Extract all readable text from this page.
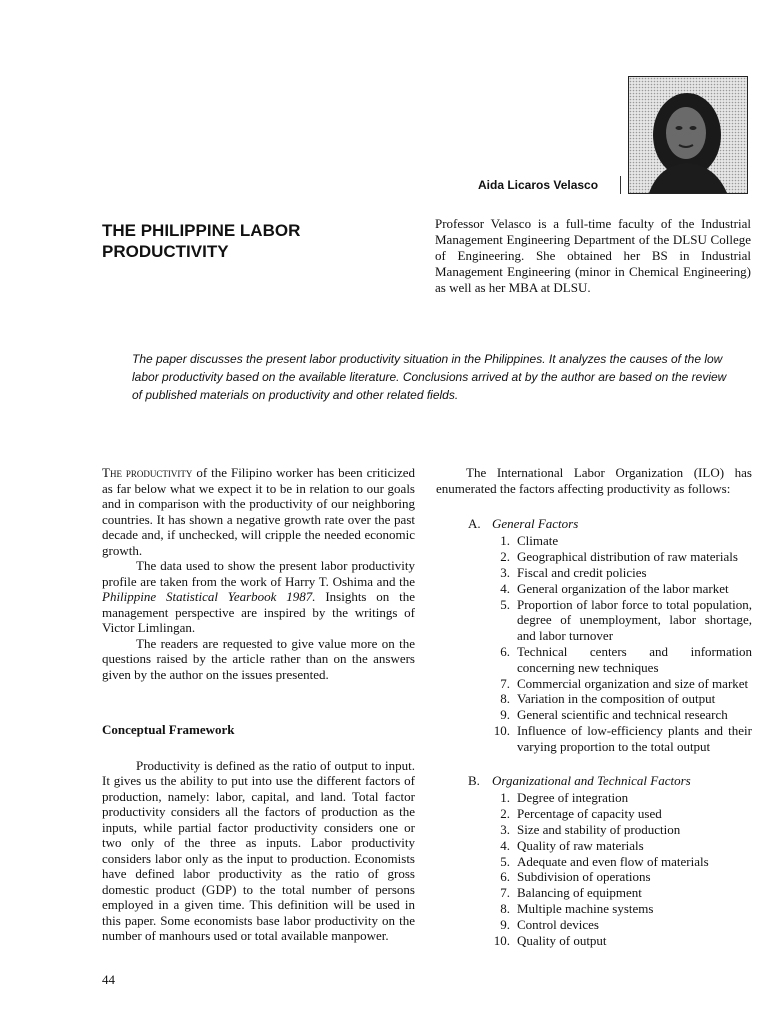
Aida Licaros Velasco
THE PHILIPPINE LABOR
PRODUCTIVITY

Professor Velasco is a full-time faculty of the Industrial Management Engineering Department of the DLSU College of Engineering. She obtained her BS in Industrial Management Engineering (minor in Chemical Engineering) as well as her MBA at DLSU.

The paper discusses the present labor productivity situation in the Philippines. It analyzes the causes of the low labor productivity based on the available literature. Conclusions arrived at by the author are based on the review of published materials on productivity and other related fields.

The productivity of the Filipino worker has been criticized as far below what we expect it to be in relation to our goals and in comparison with the productivity of our neighboring countries. It has shown a negative growth rate over the past decade and, if unchecked, will cripple the needed economic growth.

The data used to show the present labor productivity profile are taken from the work of Harry T. Oshima and the Philippine Statistical Yearbook 1987. Insights on the management perspective are inspired by the writings of Victor Limlingan.

The readers are requested to give value more on the questions raised by the article rather than on the answers given by the author on the issues presented.

Conceptual Framework

Productivity is defined as the ratio of output to input. It gives us the ability to put into use the different factors of production, namely: labor, capital, and land. Total factor productivity considers all the factors of production as the inputs, while partial factor productivity considers one or two only of the three as inputs. Labor productivity considers labor only as the input to production. Economists have defined labor productivity as the ratio of gross domestic product (GDP) to the total number of persons employed in a given time. This definition will be used in this paper. Some economists base labor productivity on the number of manhours used or total available manpower.

The International Labor Organization (ILO) has enumerated the factors affecting productivity as follows:

A. General Factors
1. Climate
2. Geographical distribution of raw materials
3. Fiscal and credit policies
4. General organization of the labor market
5. Proportion of labor force to total population, degree of unemployment, labor shortage, and labor turnover
6. Technical centers and information concerning new techniques
7. Commercial organization and size of market
8. Variation in the composition of output
9. General scientific and technical research
10. Influence of low-efficiency plants and their varying proportion to the total output
B. Organizational and Technical Factors
1. Degree of integration
2. Percentage of capacity used
3. Size and stability of production
4. Quality of raw materials
5. Adequate and even flow of materials
6. Subdivision of operations
7. Balancing of equipment
8. Multiple machine systems
9. Control devices
10. Quality of output
44
